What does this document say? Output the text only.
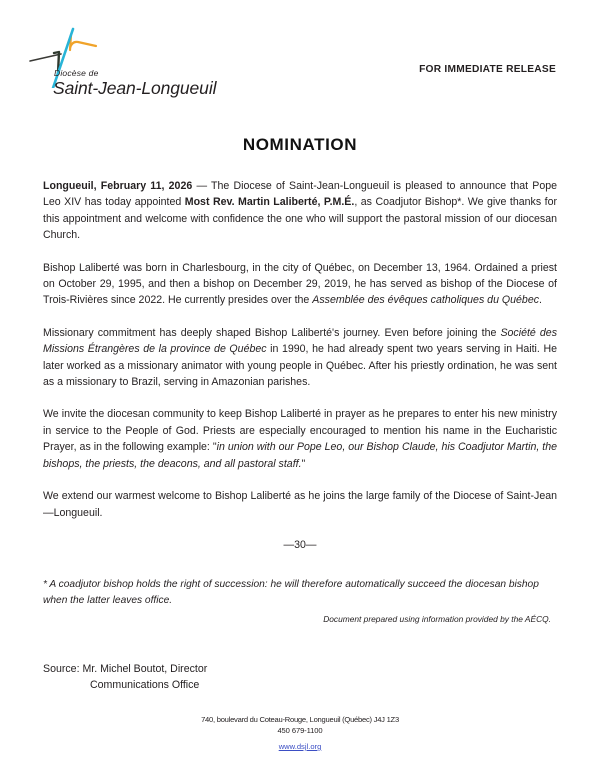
Diocèse de
Saint-Jean-Longueuil
FOR IMMEDIATE RELEASE
NOMINATION

Longueuil, February 11, 2026 — The Diocese of Saint-Jean-Longueuil is pleased to announce that Pope Leo XIV has today appointed Most Rev. Martin Laliberté, P.M.É., as Coadjutor Bishop*. We give thanks for this appointment and welcome with confidence the one who will support the pastoral mission of our diocesan Church.

Bishop Laliberté was born in Charlesbourg, in the city of Québec, on December 13, 1964. Ordained a priest on October 29, 1995, and then a bishop on December 29, 2019, he has served as bishop of the Diocese of Trois-Rivières since 2022. He currently presides over the Assemblée des évêques catholiques du Québec.

Missionary commitment has deeply shaped Bishop Laliberté's journey. Even before joining the Société des Missions Étrangères de la province de Québec in 1990, he had already spent two years serving in Haiti. He later worked as a missionary animator with young people in Québec. After his priestly ordination, he was sent as a missionary to Brazil, serving in Amazonian parishes.

We invite the diocesan community to keep Bishop Laliberté in prayer as he prepares to enter his new ministry in service to the People of God. Priests are especially encouraged to mention his name in the Eucharistic Prayer, as in the following example: "in union with our Pope Leo, our Bishop Claude, his Coadjutor Martin, the bishops, the priests, the deacons, and all pastoral staff."

We extend our warmest welcome to Bishop Laliberté as he joins the large family of the Diocese of Saint-Jean—Longueuil.

—30—

* A coadjutor bishop holds the right of succession: he will therefore automatically succeed the diocesan bishop when the latter leaves office.

Document prepared using information provided by the AÉCQ.

Source: Mr. Michel Boutot, Director
Communications Office
740, boulevard du Coteau-Rouge, Longueuil (Québec) J4J 1Z3
450 679-1100
www.dsjl.org
